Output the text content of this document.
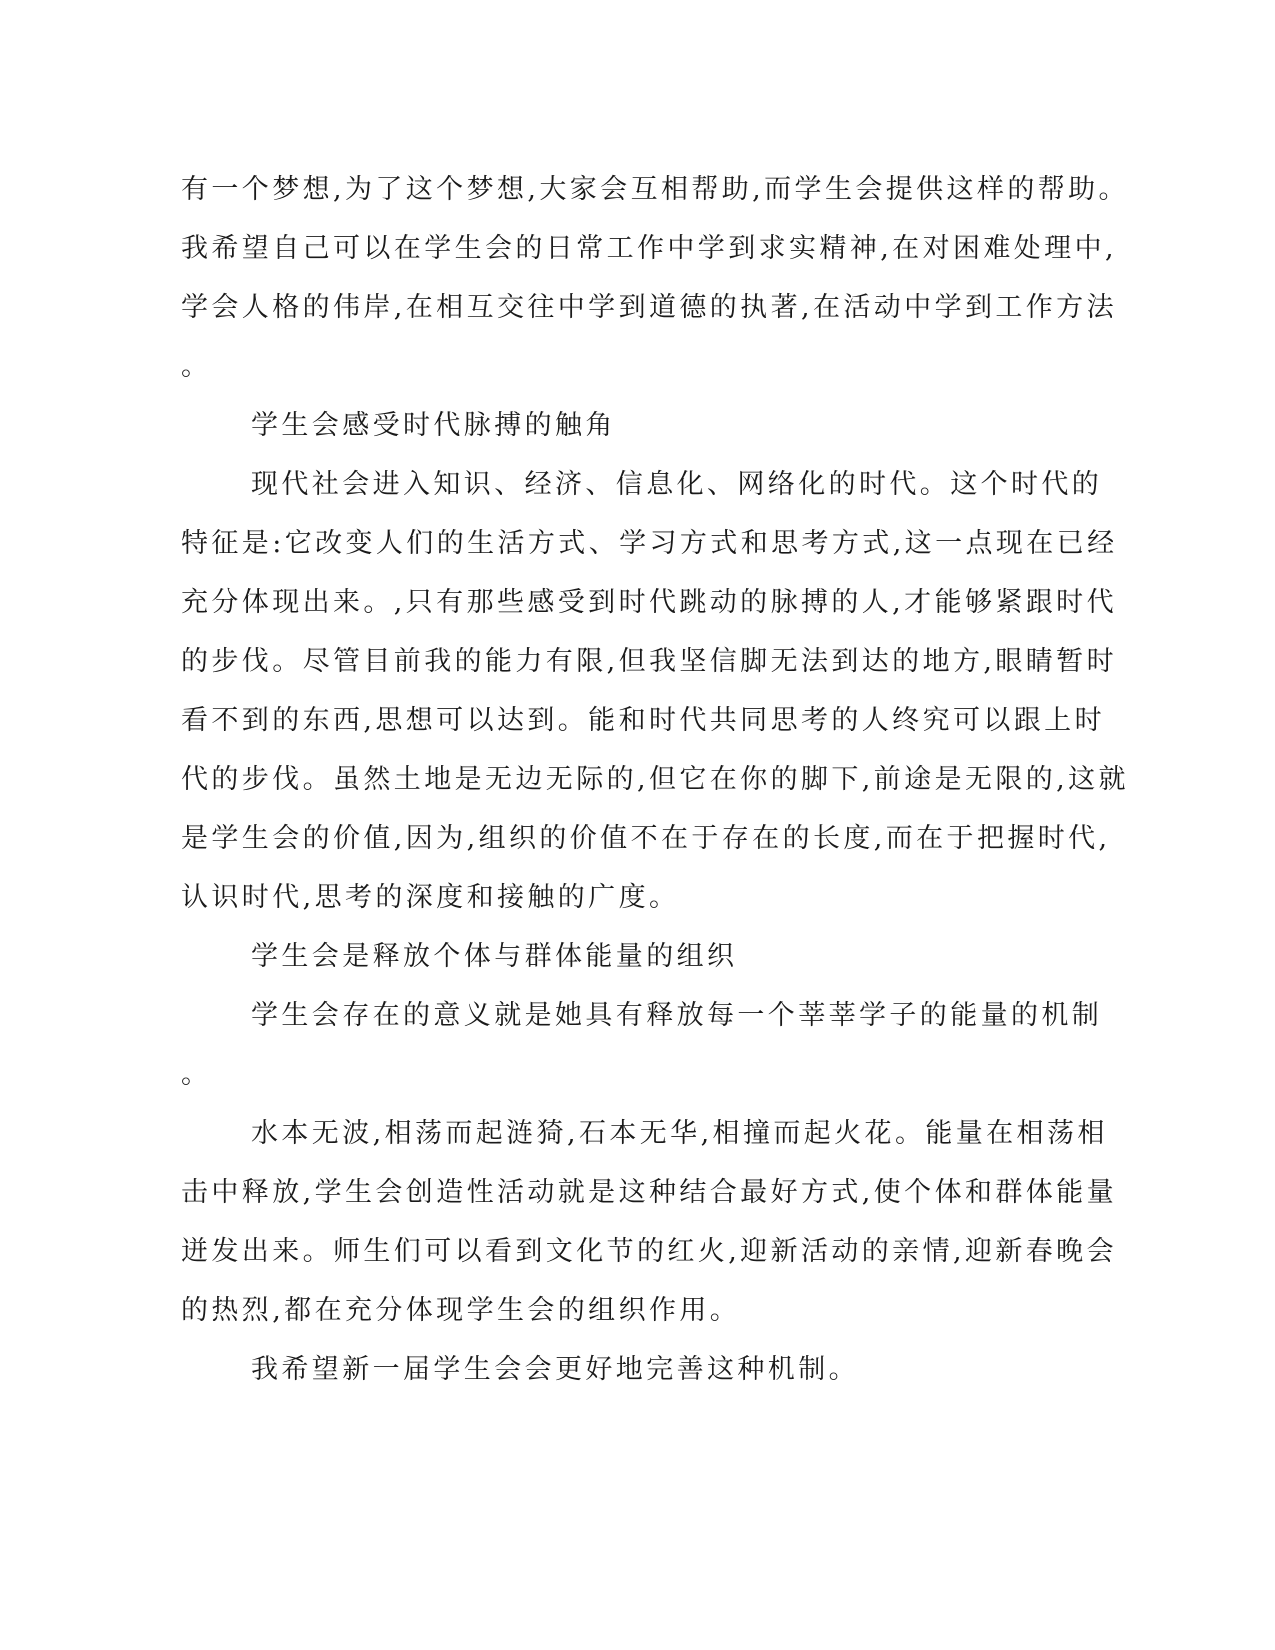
有一个梦想,为了这个梦想,大家会互相帮助,而学生会提供这样的帮助。
我希望自己可以在学生会的日常工作中学到求实精神,在对困难处理中,
学会人格的伟岸,在相互交往中学到道德的执著,在活动中学到工作方法
。
学生会感受时代脉搏的触角
现代社会进入知识、经济、信息化、网络化的时代。这个时代的
特征是:它改变人们的生活方式、学习方式和思考方式,这一点现在已经
充分体现出来。,只有那些感受到时代跳动的脉搏的人,才能够紧跟时代
的步伐。尽管目前我的能力有限,但我坚信脚无法到达的地方,眼睛暂时
看不到的东西,思想可以达到。能和时代共同思考的人终究可以跟上时
代的步伐。虽然土地是无边无际的,但它在你的脚下,前途是无限的,这就
是学生会的价值,因为,组织的价值不在于存在的长度,而在于把握时代,
认识时代,思考的深度和接触的广度。
学生会是释放个体与群体能量的组织
学生会存在的意义就是她具有释放每一个莘莘学子的能量的机制
。
水本无波,相荡而起涟猗,石本无华,相撞而起火花。能量在相荡相
击中释放,学生会创造性活动就是这种结合最好方式,使个体和群体能量
迸发出来。师生们可以看到文化节的红火,迎新活动的亲情,迎新春晚会
的热烈,都在充分体现学生会的组织作用。
我希望新一届学生会会更好地完善这种机制。
